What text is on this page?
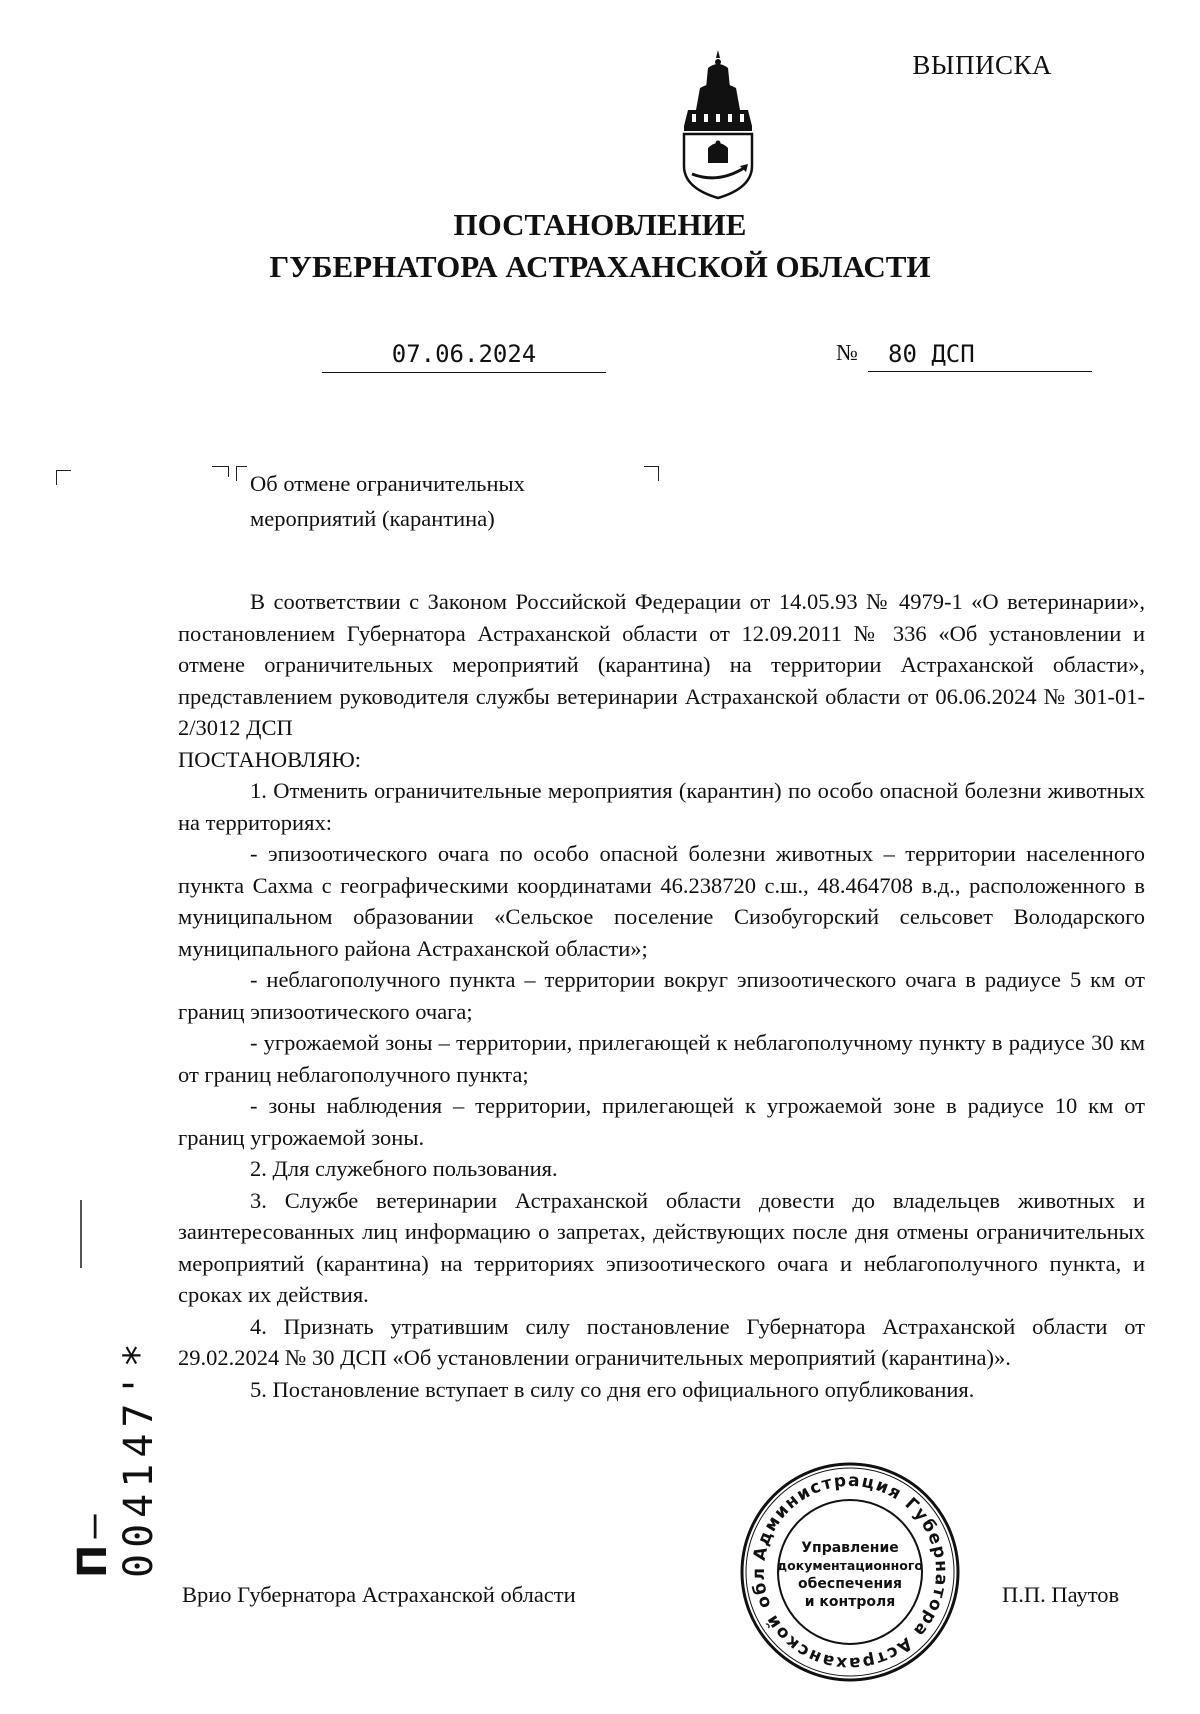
ВЫПИСКА
ПОСТАНОВЛЕНИЕ
ГУБЕРНАТОРА АСТРАХАНСКОЙ ОБЛАСТИ
07.06.2024	№	80 ДСП
Об отмене ограничительных
мероприятий (карантина)

В соответствии с Законом Российской Федерации от 14.05.93 № 4979-1 «О ветеринарии», постановлением Губернатора Астраханской области от 12.09.2011 № 336 «Об установлении и отмене ограничительных мероприятий (карантина) на территории Астраханской области», представлением руководителя службы ветеринарии Астраханской области от 06.06.2024 № 301-01-2/3012 ДСП

ПОСТАНОВЛЯЮ:

1. Отменить ограничительные мероприятия (карантин) по особо опасной болезни животных на территориях:

- эпизоотического очага по особо опасной болезни животных – территории населенного пункта Сахма с географическими координатами 46.238720 с.ш., 48.464708 в.д., расположенного в муниципальном образовании «Сельское поселение Сизобугорский сельсовет Володарского муниципального района Астраханской области»;

- неблагополучного пункта – территории вокруг эпизоотического очага в радиусе 5 км от границ эпизоотического очага;

- угрожаемой зоны – территории, прилегающей к неблагополучному пункту в радиусе 30 км от границ неблагополучного пункта;

- зоны наблюдения – территории, прилегающей к угрожаемой зоне в радиусе 10 км от границ угрожаемой зоны.

2. Для служебного пользования.

3. Службе ветеринарии Астраханской области довести до владельцев животных и заинтересованных лиц информацию о запретах, действующих после дня отмены ограничительных мероприятий (карантина) на территориях эпизоотического очага и неблагополучного пункта, и сроках их действия.

4. Признать утратившим силу постановление Губернатора Астраханской области от 29.02.2024 № 30 ДСП «Об установлении ограничительных мероприятий (карантина)».

5. Постановление вступает в силу со дня его официального опубликования.

Врио Губернатора Астраханской области	П.П. Паутов
Администрация Губернатора Астраханской обл
Управление
документационного
обеспечения
и контроля
П– 004147'*
